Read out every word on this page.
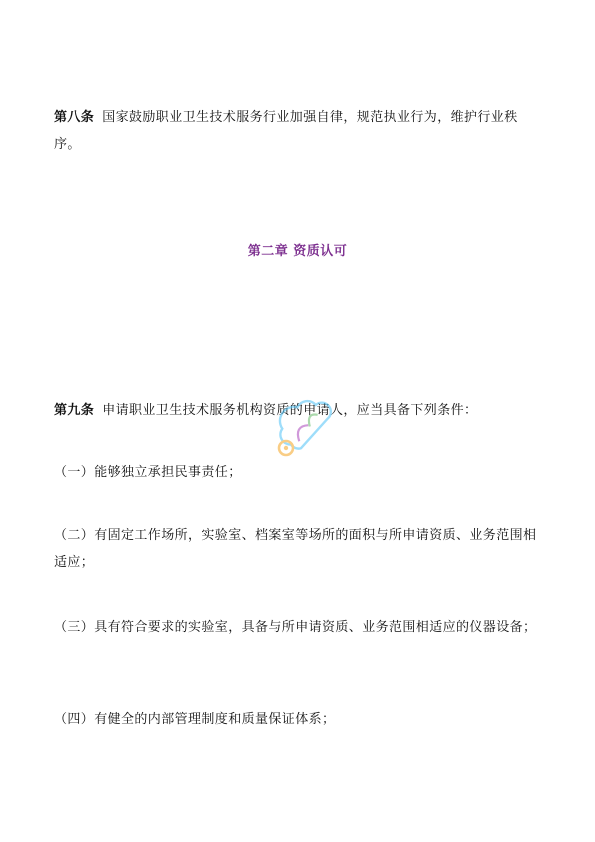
第八条 国家鼓励职业卫生技术服务行业加强自律，规范执业行为，维护行业秩序。

第二章 资质认可

第九条 申请职业卫生技术服务机构资质的申请人，应当具备下列条件：

（一）能够独立承担民事责任；

（二）有固定工作场所，实验室、档案室等场所的面积与所申请资质、业务范围相适应；

（三）具有符合要求的实验室，具备与所申请资质、业务范围相适应的仪器设备；

（四）有健全的内部管理制度和质量保证体系；
